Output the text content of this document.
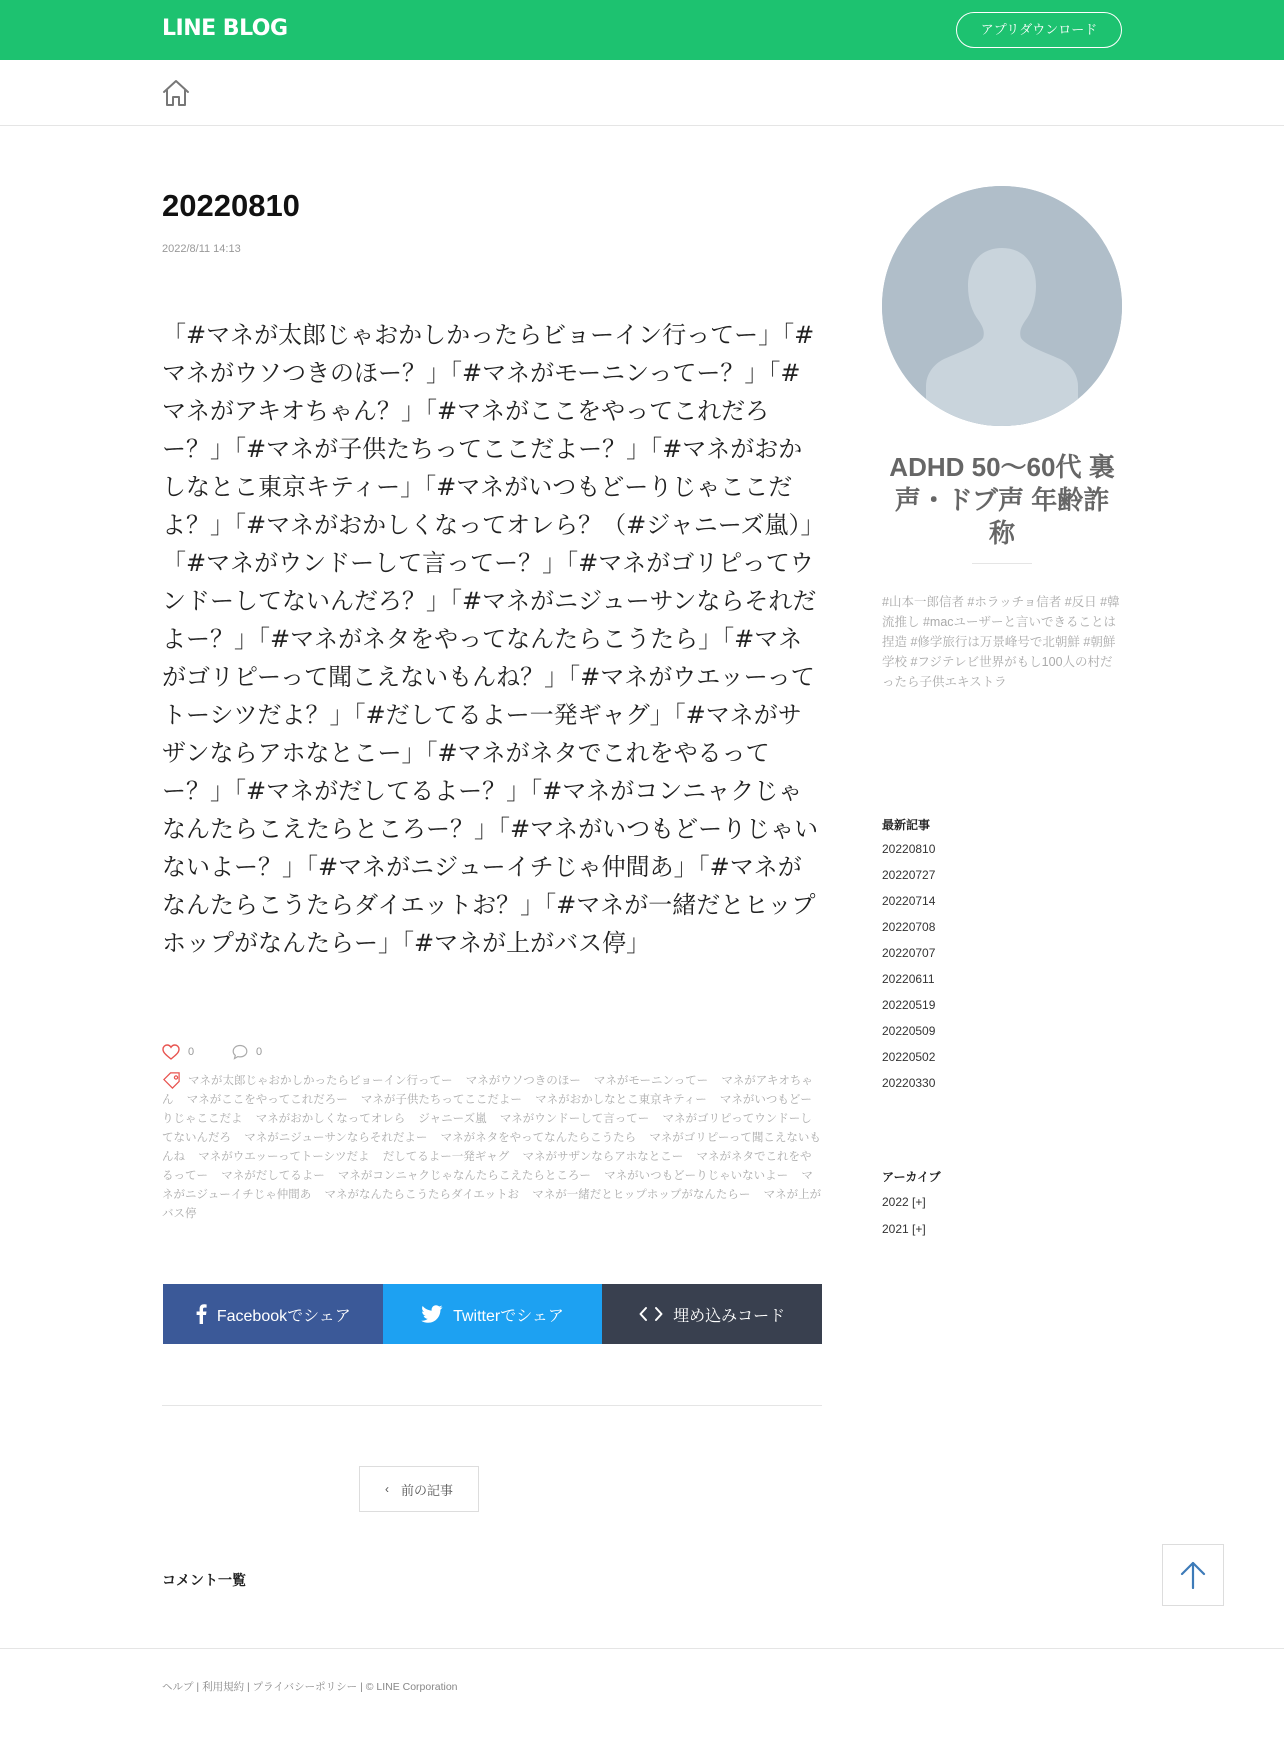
LINE BLOG	アプリダウンロード
20220810
2022/8/11 14:13
「#マネが太郎じゃおかしかったらビョーイン行ってー」「#マネがウソつきのほー？」「#マネがモーニンってー？」「#マネがアキオちゃん？」「#マネがここをやってこれだろー？」「#マネが子供たちってここだよー？」「#マネがおかしなとこ東京キティー」「#マネがいつもどーりじゃここだよ？」「#マネがおかしくなってオレら？（#ジャニーズ嵐）」「#マネがウンドーして言ってー？」「#マネがゴリピってウンドーしてないんだろ？」「#マネがニジューサンならそれだよー？」「#マネがネタをやってなんたらこうたら」「#マネがゴリピーって聞こえないもんね？」「#マネがウエッーってトーシツだよ？」「#だしてるよー一発ギャグ」「#マネがサザンならアホなとこー」「#マネがネタでこれをやるってー？」「#マネがだしてるよー？」「#マネがコンニャクじゃなんたらこえたらところー？」「#マネがいつもどーりじゃいないよー？」「#マネがニジューイチじゃ仲間あ」「#マネがなんたらこうたらダイエットお？」「#マネが一緒だとヒップホップがなんたらー」「#マネが上がバス停」
0	0
マネが太郎じゃおかしかったらビョーイン行ってー マネがウソつきのほー マネがモーニンってー マネがアキオちゃん マネがここをやってこれだろー マネが子供たちってここだよー マネがおかしなとこ東京キティー マネがいつもどーりじゃここだよ マネがおかしくなってオレら ジャニーズ嵐 マネがウンドーして言ってー マネがゴリピってウンドーしてないんだろ マネがニジューサンならそれだよー マネがネタをやってなんたらこうたら マネがゴリピーって聞こえないもんね マネがウエッーってトーシツだよ だしてるよー一発ギャグ マネがサザンならアホなとこー マネがネタでこれをやるってー マネがだしてるよー マネがコンニャクじゃなんたらこえたらところー マネがいつもどーりじゃいないよー マネがニジューイチじゃ仲間あ マネがなんたらこうたらダイエットお マネが一緒だとヒップホップがなんたらー マネが上がバス停
Facebookでシェア	Twitterでシェア	埋め込みコード
‹ 前の記事
コメント一覧
ADHD 50～60代 裏声・ドブ声 年齢詐称
#山本一郎信者 #ホラッチョ信者 #反日 #韓流推し #macユーザーと言いできることは捏造 #修学旅行は万景峰号で北朝鮮 #朝鮮学校 #フジテレビ世界がもし100人の村だったら子供エキストラ
最新記事
20220810
20220727
20220714
20220708
20220707
20220611
20220519
20220509
20220502
20220330
アーカイブ
2022 [+]
2021 [+]
ヘルプ | 利用規約 | プライバシーポリシー | © LINE Corporation
